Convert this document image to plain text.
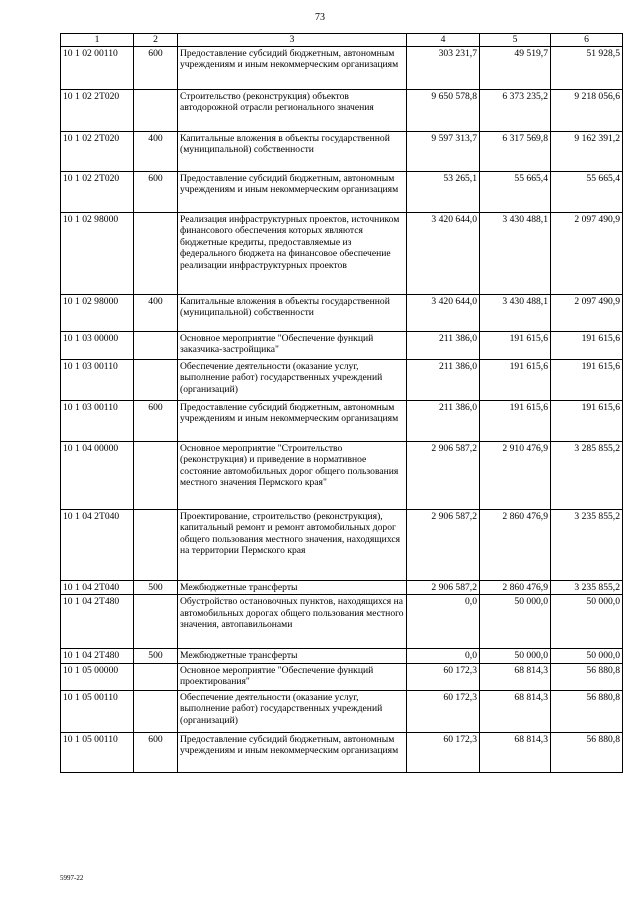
73
1	2	3	4	5	6
10 1 02 00110	600	Предоставление субсидий бюджетным, автономным учреждениям и иным некоммерческим организациям	303 231,7	49 519,7	51 928,5
10 1 02 2Т020		Строительство (реконструкция) объектов автодорожной отрасли регионального значения	9 650 578,8	6 373 235,2	9 218 056,6
10 1 02 2Т020	400	Капитальные вложения в объекты государственной (муниципальной) собственности	9 597 313,7	6 317 569,8	9 162 391,2
10 1 02 2Т020	600	Предоставление субсидий бюджетным, автономным учреждениям и иным некоммерческим организациям	53 265,1	55 665,4	55 665,4
10 1 02 98000		Реализация инфраструктурных проектов, источником финансового обеспечения которых являются бюджетные кредиты, предоставляемые из федерального бюджета на финансовое обеспечение реализации инфраструктурных проектов	3 420 644,0	3 430 488,1	2 097 490,9
10 1 02 98000	400	Капитальные вложения в объекты государственной (муниципальной) собственности	3 420 644,0	3 430 488,1	2 097 490,9
10 1 03 00000		Основное мероприятие "Обеспечение функций заказчика-застройщика"	211 386,0	191 615,6	191 615,6
10 1 03 00110		Обеспечение деятельности (оказание услуг, выполнение работ) государственных учреждений (организаций)	211 386,0	191 615,6	191 615,6
10 1 03 00110	600	Предоставление субсидий бюджетным, автономным учреждениям и иным некоммерческим организациям	211 386,0	191 615,6	191 615,6
10 1 04 00000		Основное мероприятие "Строительство (реконструкция) и приведение в нормативное состояние автомобильных дорог общего пользования местного значения Пермского края"	2 906 587,2	2 910 476,9	3 285 855,2
10 1 04 2Т040		Проектирование, строительство (реконструкция), капитальный ремонт и ремонт автомобильных дорог общего пользования местного значения, находящихся на территории Пермского края	2 906 587,2	2 860 476,9	3 235 855,2
10 1 04 2Т040	500	Межбюджетные трансферты	2 906 587,2	2 860 476,9	3 235 855,2
10 1 04 2Т480		Обустройство остановочных пунктов, находящихся на автомобильных дорогах общего пользования местного значения, автопавильонами	0,0	50 000,0	50 000,0
10 1 04 2Т480	500	Межбюджетные трансферты	0,0	50 000,0	50 000,0
10 1 05 00000		Основное мероприятие "Обеспечение функций проектирования"	60 172,3	68 814,3	56 880,8
10 1 05 00110		Обеспечение деятельности (оказание услуг, выполнение работ) государственных учреждений (организаций)	60 172,3	68 814,3	56 880,8
10 1 05 00110	600	Предоставление субсидий бюджетным, автономным учреждениям и иным некоммерческим организациям	60 172,3	68 814,3	56 880,8
5997-22
